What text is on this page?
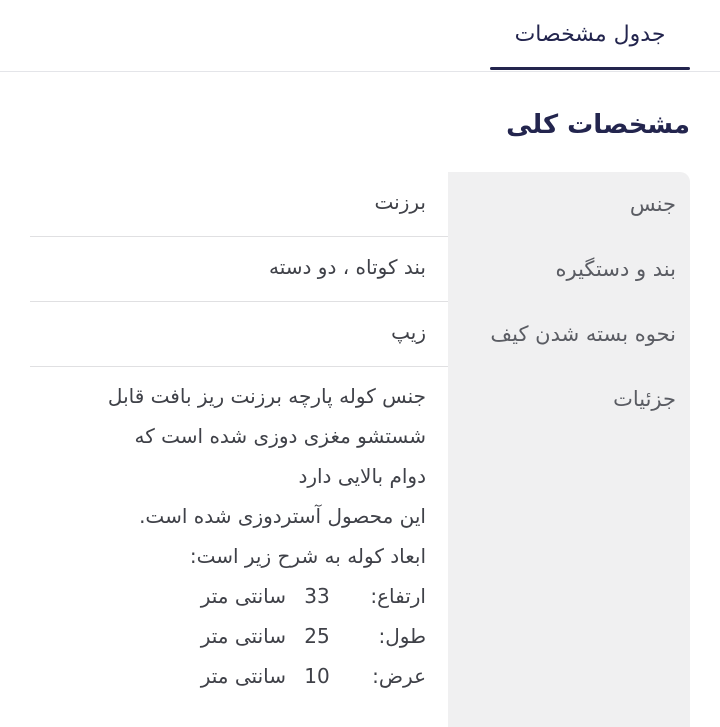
جدول مشخصات
مشخصات کلی
جنس
برزنت
بند و دستگیره
بند کوتاه ، دو دسته
نحوه بسته شدن کیف
زیپ
جزئیات
جنس کوله پارچه برزنت ریز بافت قابل
شستشو مغزی دوزی شده است که
دوام بالایی دارد
این محصول آستردوزی شده است.
ابعاد کوله به شرح زیر است:
ارتفاع:
33
سانتی متر
طول:
25
سانتی متر
عرض:
10
سانتی متر
